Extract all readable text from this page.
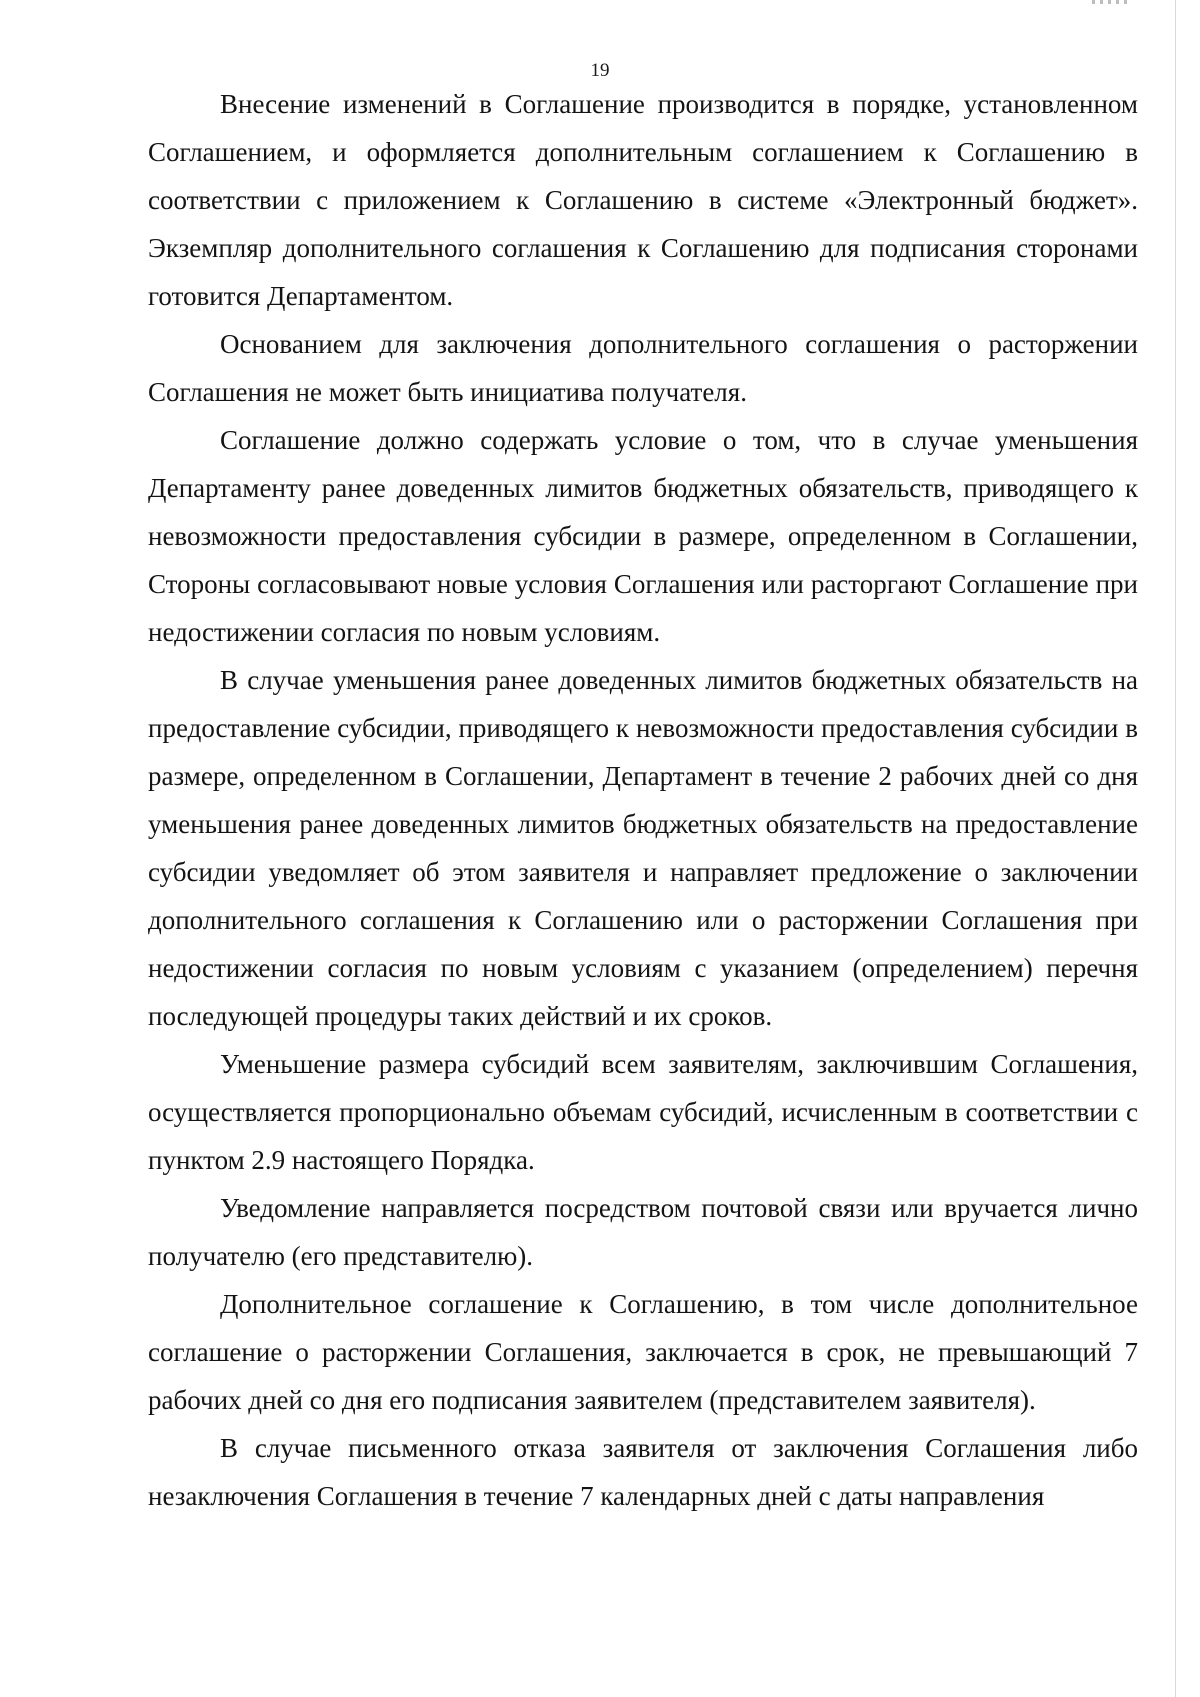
19

Внесение изменений в Соглашение производится в порядке, установленном Соглашением, и оформляется дополнительным соглашением к Соглашению в соответствии с приложением к Соглашению в системе «Электронный бюджет». Экземпляр дополнительного соглашения к Соглашению для подписания сторонами готовится Департаментом.

Основанием для заключения дополнительного соглашения о расторжении Соглашения не может быть инициатива получателя.

Соглашение должно содержать условие о том, что в случае уменьшения Департаменту ранее доведенных лимитов бюджетных обязательств, приводящего к невозможности предоставления субсидии в размере, определенном в Соглашении, Стороны согласовывают новые условия Соглашения или расторгают Соглашение при недостижении согласия по новым условиям.

В случае уменьшения ранее доведенных лимитов бюджетных обязательств на предоставление субсидии, приводящего к невозможности предоставления субсидии в размере, определенном в Соглашении, Департамент в течение 2 рабочих дней со дня уменьшения ранее доведенных лимитов бюджетных обязательств на предоставление субсидии уведомляет об этом заявителя и направляет предложение о заключении дополнительного соглашения к Соглашению или о расторжении Соглашения при недостижении согласия по новым условиям с указанием (определением) перечня последующей процедуры таких действий и их сроков.

Уменьшение размера субсидий всем заявителям, заключившим Соглашения, осуществляется пропорционально объемам субсидий, исчисленным в соответствии с пунктом 2.9 настоящего Порядка.

Уведомление направляется посредством почтовой связи или вручается лично получателю (его представителю).

Дополнительное соглашение к Соглашению, в том числе дополнительное соглашение о расторжении Соглашения, заключается в срок, не превышающий 7 рабочих дней со дня его подписания заявителем (представителем заявителя).

В случае письменного отказа заявителя от заключения Соглашения либо незаключения Соглашения в течение 7 календарных дней с даты направления
